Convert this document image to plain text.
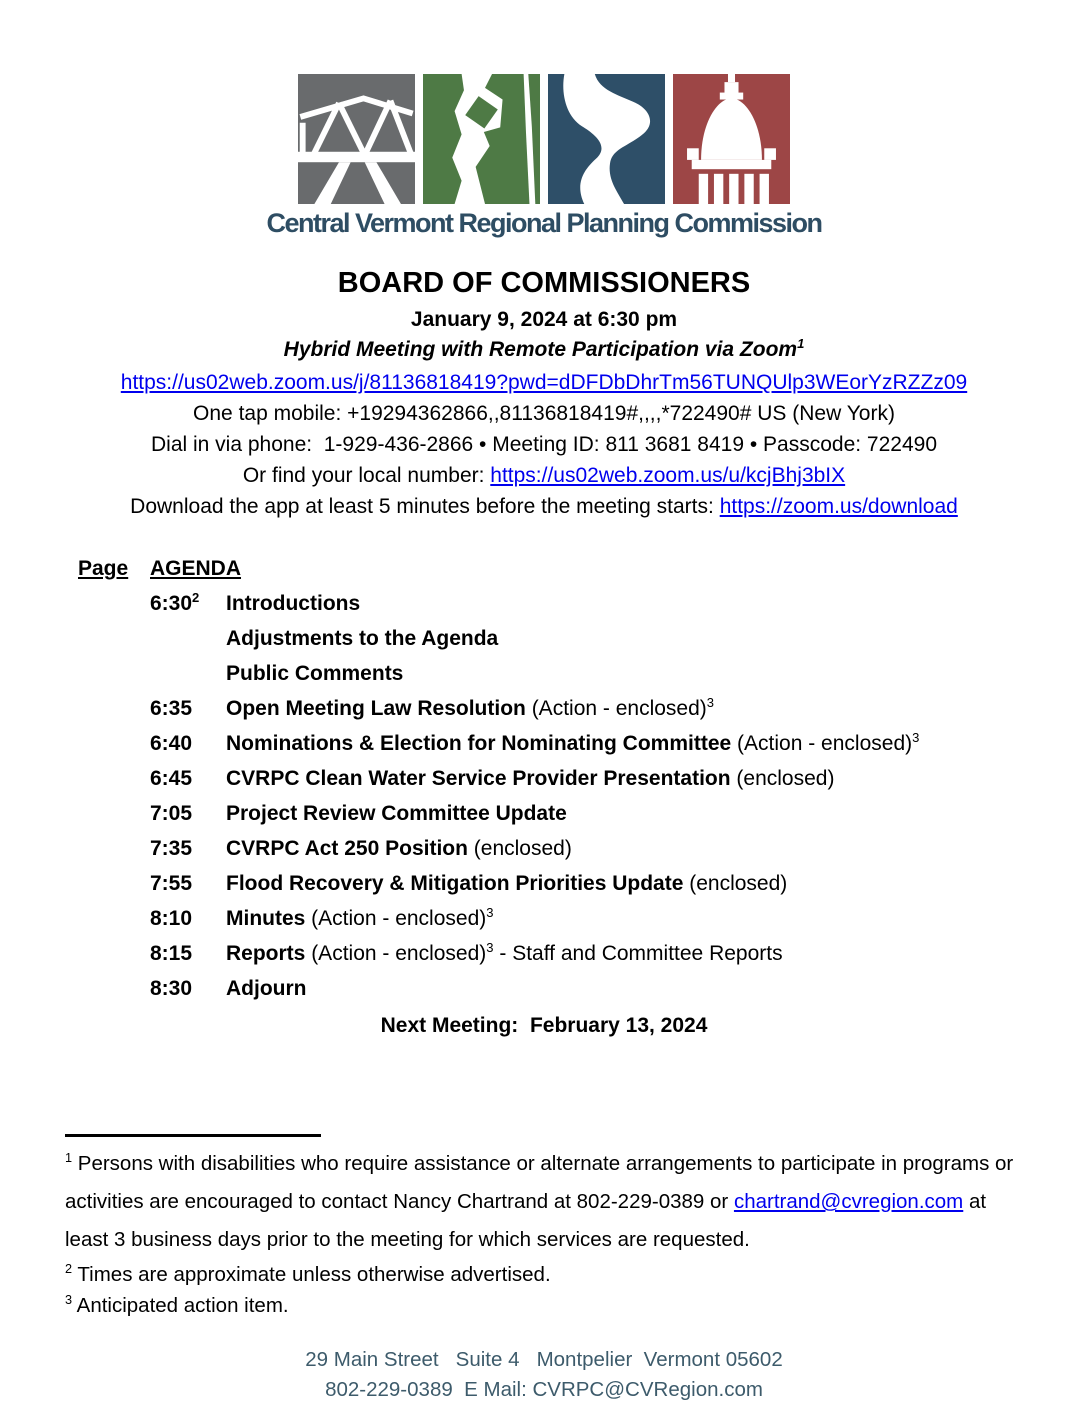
Central Vermont Regional Planning Commission
BOARD OF COMMISSIONERS
January 9, 2024 at 6:30 pm
Hybrid Meeting with Remote Participation via Zoom$^1$
https://us02web.zoom.us/j/81136818419?pwd=dDFDbDhrTm56TUNQUlp3WEorYzRZZz09
One tap mobile: +19294362866,,81136818419#,,,,*722490# US (New York)
Dial in via phone:  1-929-436-2866 • Meeting ID: 811 3681 8419 • Passcode: 722490
Or find your local number: https://us02web.zoom.us/u/kcjBhj3bIX
Download the app at least 5 minutes before the meeting starts: https://zoom.us/download
Page AGENDA
$6:30^2$	Introductions
Adjustments to the Agenda
Public Comments
6:35	Open Meeting Law Resolution (Action - enclosed)$^3$
6:40	Nominations & Election for Nominating Committee (Action - enclosed)$^3$
6:45	CVRPC Clean Water Service Provider Presentation (enclosed)
7:05	Project Review Committee Update
7:35	CVRPC Act 250 Position (enclosed)
7:55	Flood Recovery & Mitigation Priorities Update (enclosed)
8:10	Minutes (Action - enclosed)$^3$
8:15	Reports (Action - enclosed)$^3$ - Staff and Committee Reports
8:30	Adjourn
Next Meeting:  February 13, 2024

$^1$ Persons with disabilities who require assistance or alternate arrangements to participate in programs or activities are encouraged to contact Nancy Chartrand at 802-229-0389 or chartrand@cvregion.com at least 3 business days prior to the meeting for which services are requested.

$^2$ Times are approximate unless otherwise advertised.

$^3$ Anticipated action item.

29 Main Street   Suite 4   Montpelier  Vermont 05602
802-229-0389  E Mail: CVRPC@CVRegion.com
